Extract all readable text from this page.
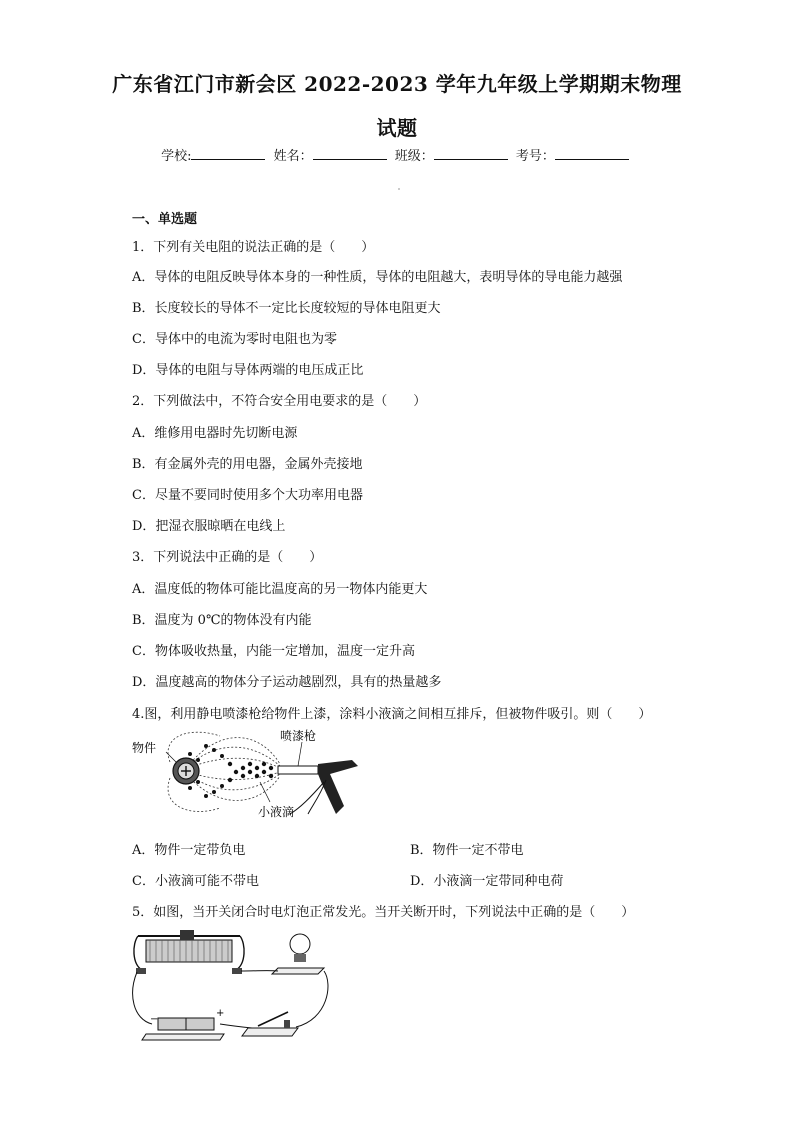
广东省江门市新会区 2022-2023 学年九年级上学期期末物理
试题
学校:	姓名：	班级：	考号：
一、单选题
1．下列有关电阻的说法正确的是（　　）
A．导体的电阻反映导体本身的一种性质，导体的电阻越大，表明导体的导电能力越强
B．长度较长的导体不一定比长度较短的导体电阻更大
C．导体中的电流为零时电阻也为零
D．导体的电阻与导体两端的电压成正比
2．下列做法中，不符合安全用电要求的是（　　）
A．维修用电器时先切断电源
B．有金属外壳的用电器，金属外壳接地
C．尽量不要同时使用多个大功率用电器
D．把湿衣服晾晒在电线上
3．下列说法中正确的是（　　）
A．温度低的物体可能比温度高的另一物体内能更大
B．温度为 0℃的物体没有内能
C．物体吸收热量，内能一定增加，温度一定升高
D．温度越高的物体分子运动越剧烈，具有的热量越多
4.图，利用静电喷漆枪给物件上漆，涂料小液滴之间相互排斥，但被物件吸引。则（　　）
物件
喷漆枪
小液滴
A．物件一定带负电	B．物件一定不带电
C．小液滴可能不带电	D．小液滴一定带同种电荷
5．如图，当开关闭合时电灯泡正常发光。当开关断开时，下列说法中正确的是（　　）
−
+
